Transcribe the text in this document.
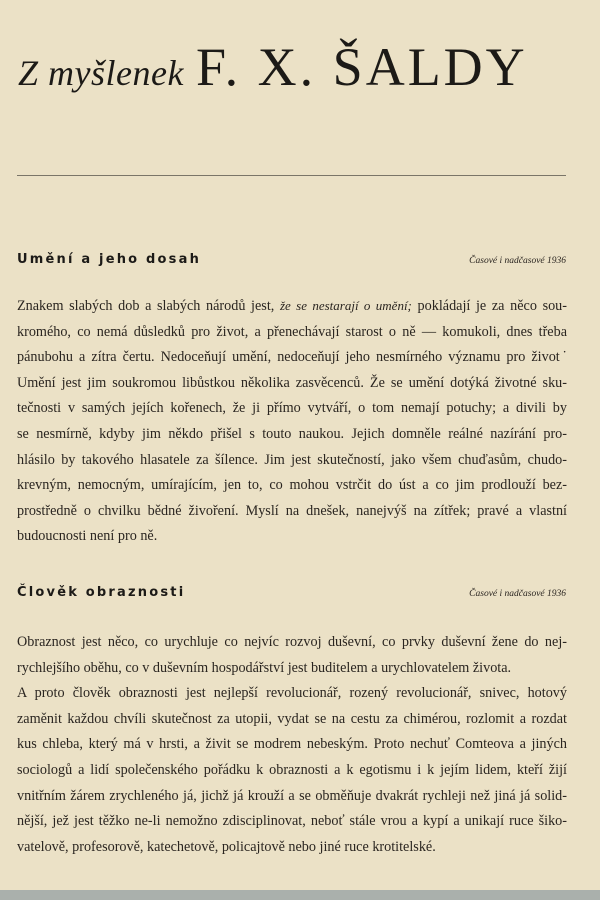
Z myšlenek F. X. ŠALDY
Umění a jeho dosah	Časové i nadčasové 1936
Znakem slabých dob a slabých národů jest, že se nestarají o umění; pokládají je za něco sou-
kromého, co nemá důsledků pro život, a přenechávají starost o ně — komukoli, dnes třeba
pánubohu a zítra čertu. Nedoceňují umění, nedoceňují jeho nesmírného významu pro život˙
Umění jest jim soukromou libůstkou několika zasvěcenců. Že se umění dotýká životné sku-
tečnosti v samých jejích kořenech, že ji přímo vytváří, o tom nemají potuchy; a divili by
se nesmírně, kdyby jim někdo přišel s touto naukou. Jejich domněle reálné nazírání pro-
hlásilo by takového hlasatele za šílence. Jim jest skutečností, jako všem chuďasům, chudo-
krevným, nemocným, umírajícím, jen to, co mohou vstrčit do úst a co jim prodlouží bez-
prostředně o chvilku bědné živoření. Myslí na dnešek, nanejvýš na zítřek; pravé a vlastní
budoucnosti není pro ně.
Člověk obraznosti	Časové i nadčasové 1936
Obraznost jest něco, co urychluje co nejvíc rozvoj duševní, co prvky duševní žene do nej-
rychlejšího oběhu, co v duševním hospodářství jest buditelem a urychlovatelem života.
A proto člověk obraznosti jest nejlepší revolucionář, rozený revolucionář, snivec, hotový
zaměnit každou chvíli skutečnost za utopii, vydat se na cestu za chimérou, rozlomit a rozdat
kus chleba, který má v hrsti, a živit se modrem nebeským. Proto nechuť Comteova a jiných
sociologů a lidí společenského pořádku k obraznosti a k egotismu i k jejím lidem, kteří žijí
vnitřním žárem zrychleného já, jichž já krouží a se obměňuje dvakrát rychleji než jiná já solid-
nější, jež jest těžko ne-li nemožno zdisciplinovat, neboť stále vrou a kypí a unikají ruce šiko-
vatelově, profesorově, katechetově, policajtově nebo jiné ruce krotitelské.
